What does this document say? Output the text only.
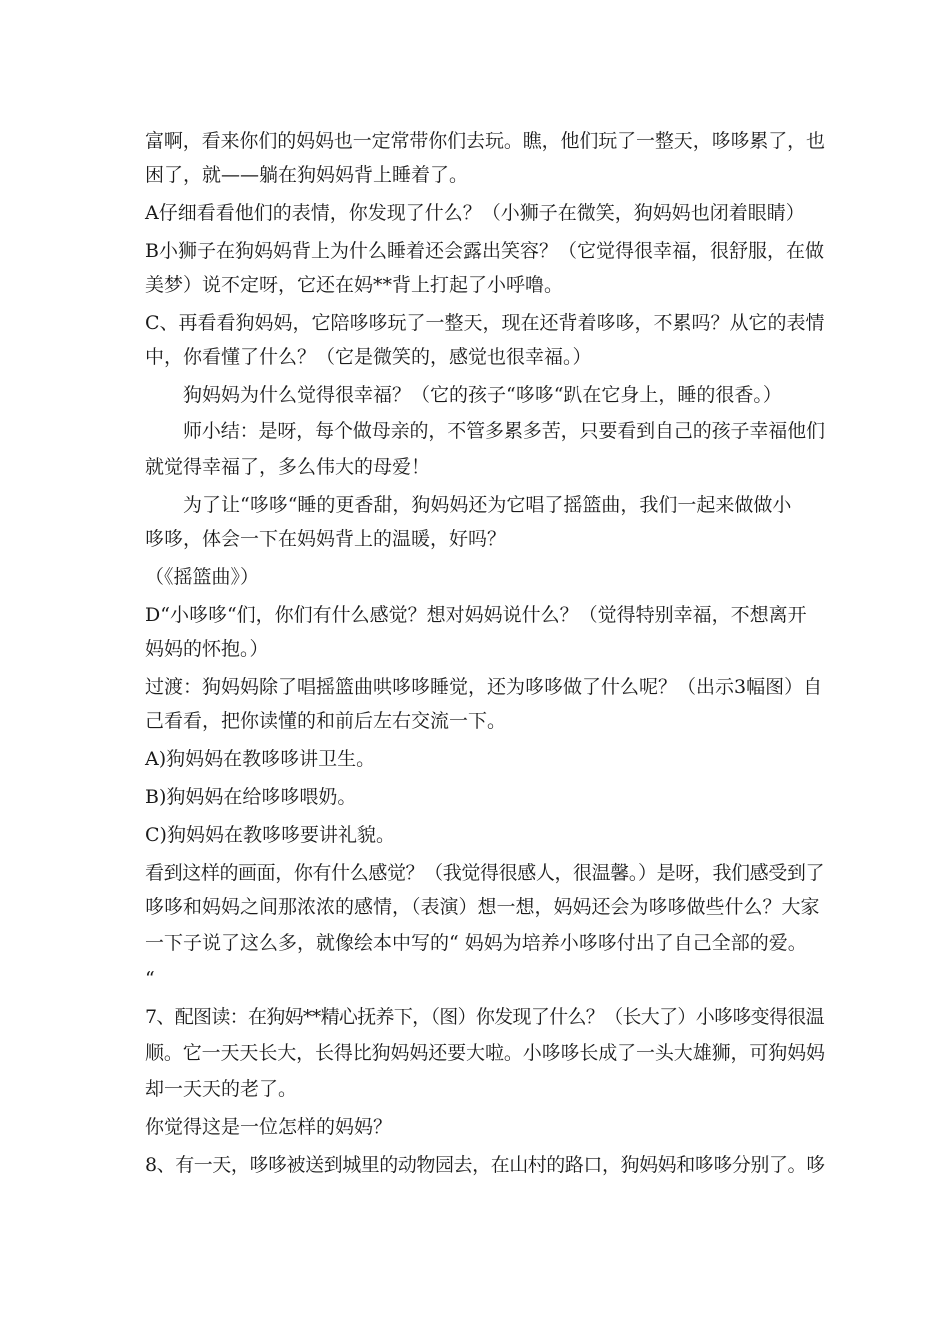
富啊，看来你们的妈妈也一定常带你们去玩。瞧，他们玩了一整天，哆哆累了，也
困了，就——躺在狗妈妈背上睡着了。
A仔细看看他们的表情，你发现了什么？（小狮子在微笑，狗妈妈也闭着眼睛）
B小狮子在狗妈妈背上为什么睡着还会露出笑容？（它觉得很幸福，很舒服，在做
美梦）说不定呀，它还在妈**背上打起了小呼噜。
C、再看看狗妈妈，它陪哆哆玩了一整天，现在还背着哆哆，不累吗？从它的表情
中，你看懂了什么？（它是微笑的，感觉也很幸福。）
狗妈妈为什么觉得很幸福？（它的孩子“哆哆“趴在它身上，睡的很香。）
师小结：是呀，每个做母亲的，不管多累多苦，只要看到自己的孩子幸福他们
就觉得幸福了，多么伟大的母爱！
为了让“哆哆“睡的更香甜，狗妈妈还为它唱了摇篮曲，我们一起来做做小
哆哆，体会一下在妈妈背上的温暖，好吗？
（《摇篮曲》）
D“小哆哆“们，你们有什么感觉？想对妈妈说什么？（觉得特别幸福，不想离开
妈妈的怀抱。）
过渡：狗妈妈除了唱摇篮曲哄哆哆睡觉，还为哆哆做了什么呢？（出示3幅图）自
己看看，把你读懂的和前后左右交流一下。
A)狗妈妈在教哆哆讲卫生。
B)狗妈妈在给哆哆喂奶。
C)狗妈妈在教哆哆要讲礼貌。
看到这样的画面，你有什么感觉？（我觉得很感人，很温馨。）是呀，我们感受到了
哆哆和妈妈之间那浓浓的感情，（表演）想一想，妈妈还会为哆哆做些什么？大家
一下子说了这么多，就像绘本中写的“ 妈妈为培养小哆哆付出了自己全部的爱。
“
7、配图读：在狗妈**精心抚养下，（图）你发现了什么？（长大了）小哆哆变得很温
顺。它一天天长大，长得比狗妈妈还要大啦。小哆哆长成了一头大雄狮，可狗妈妈
却一天天的老了。
你觉得这是一位怎样的妈妈？
8、有一天，哆哆被送到城里的动物园去，在山村的路口，狗妈妈和哆哆分别了。哆
